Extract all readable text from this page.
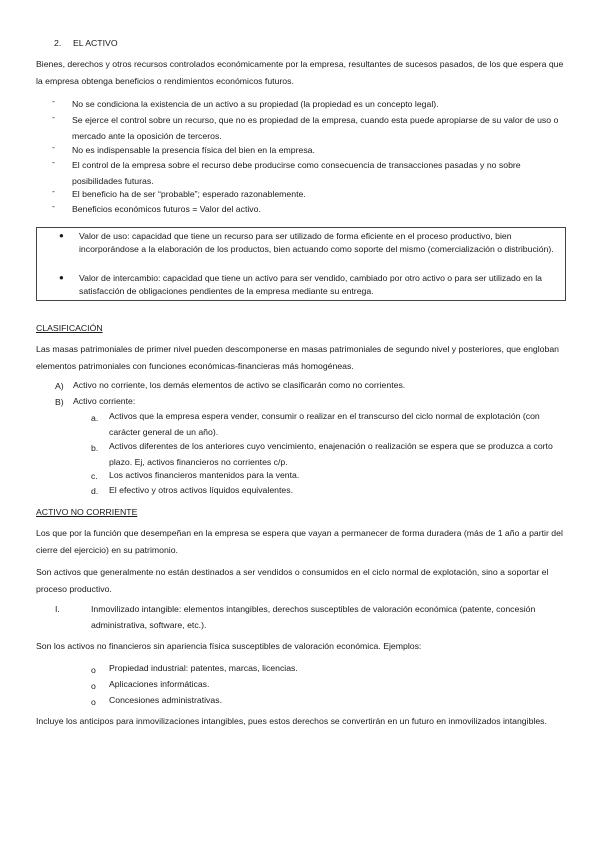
2. EL ACTIVO
Bienes, derechos y otros recursos controlados económicamente por la empresa, resultantes de sucesos pasados, de los que espera que la empresa obtenga beneficios o rendimientos económicos futuros.
-	No se condiciona la existencia de un activo a su propiedad (la propiedad es un concepto legal).
-	Se ejerce el control sobre un recurso, que no es propiedad de la empresa, cuando esta puede apropiarse de su valor de uso o mercado ante la oposición de terceros.
-	No es indispensable la presencia física del bien en la empresa.
-	El control de la empresa sobre el recurso debe producirse como consecuencia de transacciones pasadas y no sobre posibilidades futuras.
-	El beneficio ha de ser “probable”; esperado razonablemente.
-	Beneficios económicos futuros = Valor del activo.
● Valor de uso: capacidad que tiene un recurso para ser utilizado de forma eficiente en el proceso productivo, bien incorporándose a la elaboración de los productos, bien actuando como soporte del mismo (comercialización o distribución).
● Valor de intercambio: capacidad que tiene un activo para ser vendido, cambiado por otro activo o para ser utilizado en la satisfacción de obligaciones pendientes de la empresa mediante su entrega.
CLASIFICACIÓN
Las masas patrimoniales de primer nivel pueden descomponerse en masas patrimoniales de segundo nivel y posteriores, que engloban elementos patrimoniales con funciones económicas-financieras más homogéneas.
A) Activo no corriente, los demás elementos de activo se clasificarán como no corrientes.
B) Activo corriente:
a. Activos que la empresa espera vender, consumir o realizar en el transcurso del ciclo normal de explotación (con carácter general de un año).
b. Activos diferentes de los anteriores cuyo vencimiento, enajenación o realización se espera que se produzca a corto plazo. Ej, activos financieros no corrientes c/p.
c. Los activos financieros mantenidos para la venta.
d. El efectivo y otros activos líquidos equivalentes.
ACTIVO NO CORRIENTE
Los que por la función que desempeñan en la empresa se espera que vayan a permanecer de forma duradera (más de 1 año a partir del cierre del ejercicio) en su patrimonio.
Son activos que generalmente no están destinados a ser vendidos o consumidos en el ciclo normal de explotación, sino a soportar el proceso productivo.
I.	Inmovilizado intangible: elementos intangibles, derechos susceptibles de valoración económica (patente, concesión administrativa, software, etc.).
Son los activos no financieros sin apariencia física susceptibles de valoración económica. Ejemplos:
o Propiedad industrial: patentes, marcas, licencias.
o Aplicaciones informáticas.
o Concesiones administrativas.
Incluye los anticipos para inmovilizaciones intangibles, pues estos derechos se convertirán en un futuro en inmovilizados intangibles.
